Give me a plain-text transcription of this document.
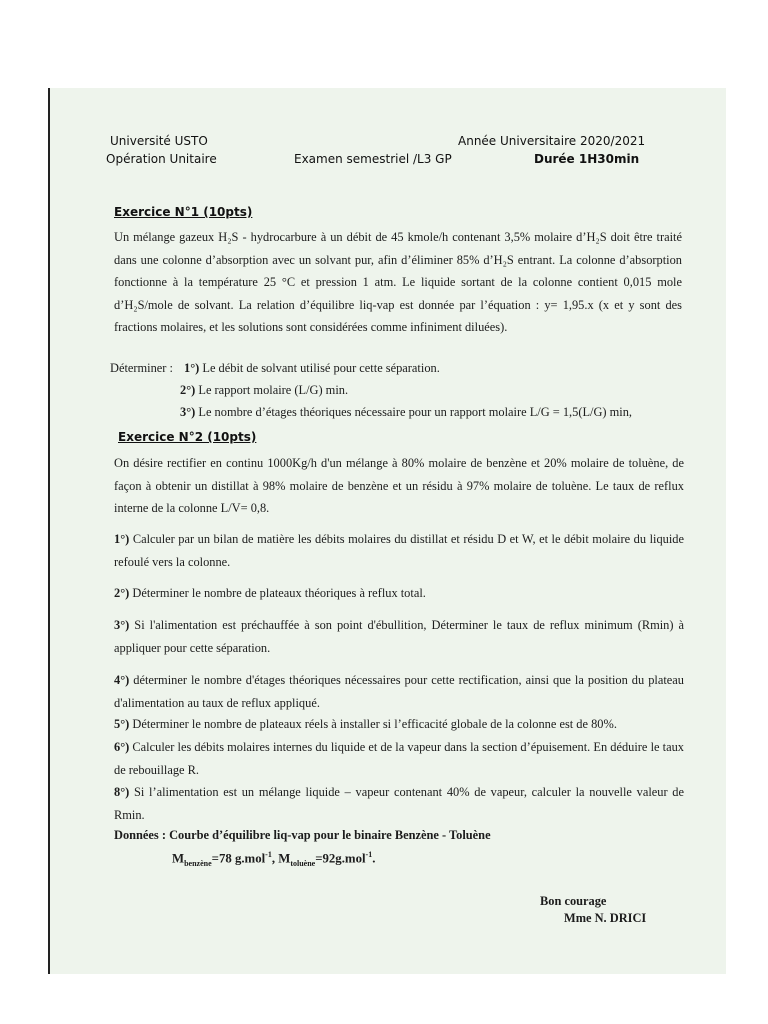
Université USTO	Année Universitaire 2020/2021
Opération Unitaire	Examen semestriel /L3 GP	Durée 1H30min
Exercice N°1 (10pts)
Un mélange gazeux H₂S - hydrocarbure à un débit de 45 kmole/h contenant 3,5% molaire d’H₂S doit être traité dans une colonne d’absorption avec un solvant pur, afin d’éliminer 85% d’H₂S entrant. La colonne d’absorption fonctionne à la température 25 °C et pression 1 atm. Le liquide sortant de la colonne contient 0,015 mole d’H₂S/mole de solvant. La relation d’équilibre liq-vap est donnée par l’équation : y= 1,95.x (x et y sont des fractions molaires, et les solutions sont considérées comme infiniment diluées).
Déterminer : 1°) Le débit de solvant utilisé pour cette séparation.
2°) Le rapport molaire (L/G) min.
3°) Le nombre d’étages théoriques nécessaire pour un rapport molaire L/G = 1,5(L/G) min,
Exercice N°2 (10pts)
On désire rectifier en continu 1000Kg/h d'un mélange à 80% molaire de benzène et 20% molaire de toluène, de façon à obtenir un distillat à 98% molaire de benzène et un résidu à 97% molaire de toluène. Le taux de reflux interne de la colonne L/V= 0,8.
1°) Calculer par un bilan de matière les débits molaires du distillat et résidu D et W, et le débit molaire du liquide refoulé vers la colonne.
2°) Déterminer le nombre de plateaux théoriques à reflux total.
3°) Si l'alimentation est préchauffée à son point d'ébullition, Déterminer le taux de reflux minimum (Rmin) à appliquer pour cette séparation.
4°) déterminer le nombre d'étages théoriques nécessaires pour cette rectification, ainsi que la position du plateau d'alimentation au taux de reflux appliqué.
5°) Déterminer le nombre de plateaux réels à installer si l’efficacité globale de la colonne est de 80%.
6°) Calculer les débits molaires internes du liquide et de la vapeur dans la section d’épuisement. En déduire le taux de rebouillage R.
8°) Si l’alimentation est un mélange liquide – vapeur contenant 40% de vapeur, calculer la nouvelle valeur de Rmin.
Données : Courbe d’équilibre liq-vap pour le binaire Benzène - Toluène
$M_{benzène}=78$ g.mol$^{-1}$, $M_{toluène}=92g.mol^{-1}$.
Bon courage
Mme N. DRICI
